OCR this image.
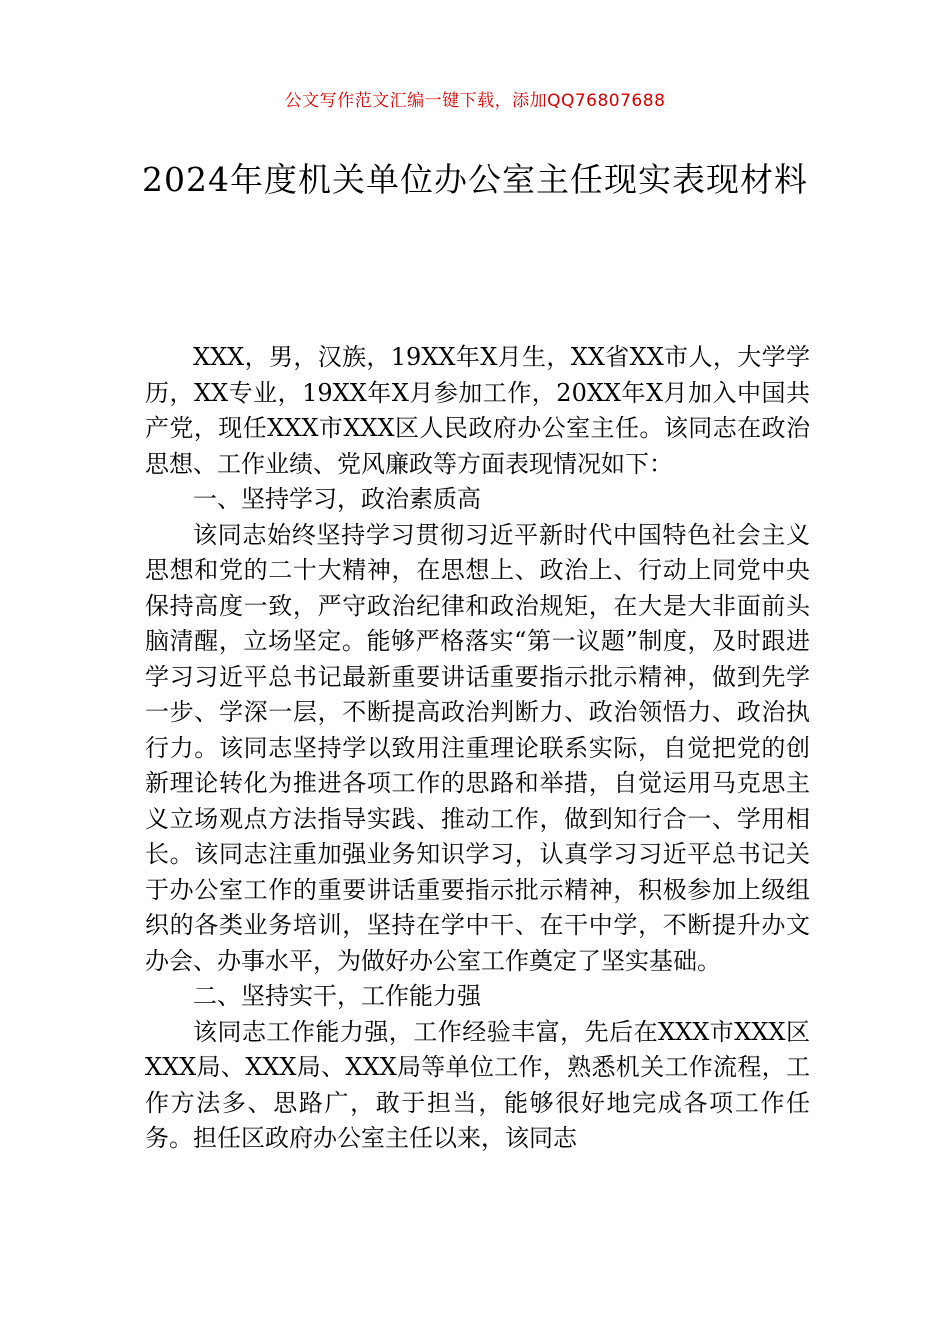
公文写作范文汇编一键下载，添加QQ76807688
2024年度机关单位办公室主任现实表现材料

XXX，男，汉族，19XX年X月生，XX省XX市人，大学学历，XX专业，19XX年X月参加工作，20XX年X月加入中国共产党，现任XXX市XXX区人民政府办公室主任。该同志在政治思想、工作业绩、党风廉政等方面表现情况如下：

一、坚持学习，政治素质高

该同志始终坚持学习贯彻习近平新时代中国特色社会主义思想和党的二十大精神，在思想上、政治上、行动上同党中央保持高度一致，严守政治纪律和政治规矩，在大是大非面前头脑清醒，立场坚定。能够严格落实“第一议题”制度，及时跟进学习习近平总书记最新重要讲话重要指示批示精神，做到先学一步、学深一层，不断提高政治判断力、政治领悟力、政治执行力。该同志坚持学以致用注重理论联系实际，自觉把党的创新理论转化为推进各项工作的思路和举措，自觉运用马克思主义立场观点方法指导实践、推动工作，做到知行合一、学用相长。该同志注重加强业务知识学习，认真学习习近平总书记关于办公室工作的重要讲话重要指示批示精神，积极参加上级组织的各类业务培训，坚持在学中干、在干中学，不断提升办文办会、办事水平，为做好办公室工作奠定了坚实基础。

二、坚持实干，工作能力强

该同志工作能力强，工作经验丰富，先后在XXX市XXX区XXX局、XXX局、XXX局等单位工作，熟悉机关工作流程，工作方法多、思路广，敢于担当，能够很好地完成各项工作任务。担任区政府办公室主任以来，该同志
